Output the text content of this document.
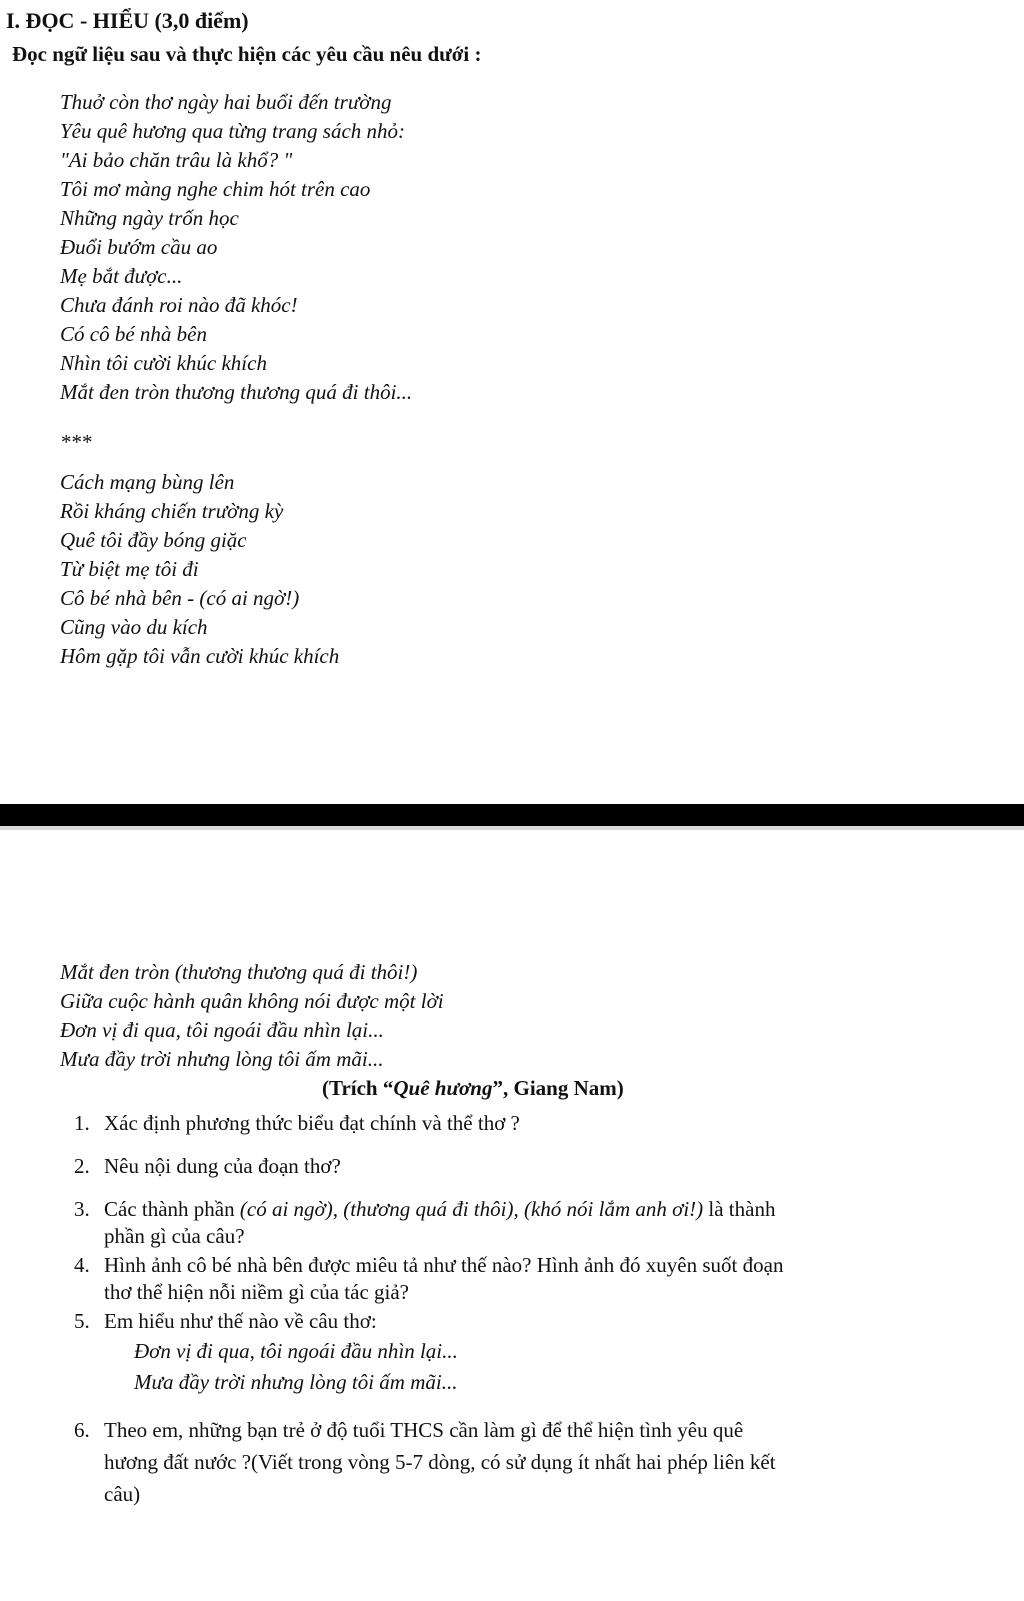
I. ĐỌC - HIỂU (3,0 điểm)
Đọc ngữ liệu sau và thực hiện các yêu cầu nêu dưới :
Thuở còn thơ ngày hai buổi đến trường
Yêu quê hương qua từng trang sách nhỏ:
"Ai bảo chăn trâu là khổ? "
Tôi mơ màng nghe chim hót trên cao
Những ngày trốn học
Đuổi bướm cầu ao
Mẹ bắt được...
Chưa đánh roi nào đã khóc!
Có cô bé nhà bên
Nhìn tôi cười khúc khích
Mắt đen tròn thương thương quá đi thôi...
***
Cách mạng bùng lên
Rồi kháng chiến trường kỳ
Quê tôi đầy bóng giặc
Từ biệt mẹ tôi đi
Cô bé nhà bên - (có ai ngờ!)
Cũng vào du kích
Hôm gặp tôi vẫn cười khúc khích
Mắt đen tròn (thương thương quá đi thôi!)
Giữa cuộc hành quân không nói được một lời
Đơn vị đi qua, tôi ngoái đầu nhìn lại...
Mưa đầy trời nhưng lòng tôi ấm mãi...
(Trích “Quê hương”, Giang Nam)
1. Xác định phương thức biểu đạt chính và thể thơ ?
2. Nêu nội dung của đoạn thơ?
3. Các thành phần (có ai ngờ), (thương quá đi thôi), (khó nói lắm anh ơi!) là thành
phần gì của câu?
4. Hình ảnh cô bé nhà bên được miêu tả như thế nào? Hình ảnh đó xuyên suốt đoạn
thơ thể hiện nỗi niềm gì của tác giả?
5. Em hiểu như thế nào về câu thơ:
Đơn vị đi qua, tôi ngoái đầu nhìn lại...
Mưa đầy trời nhưng lòng tôi ấm mãi...
6. Theo em, những bạn trẻ ở độ tuổi THCS cần làm gì để thể hiện tình yêu quê
hương đất nước ?(Viết trong vòng 5-7 dòng, có sử dụng ít nhất hai phép liên kết
câu)
